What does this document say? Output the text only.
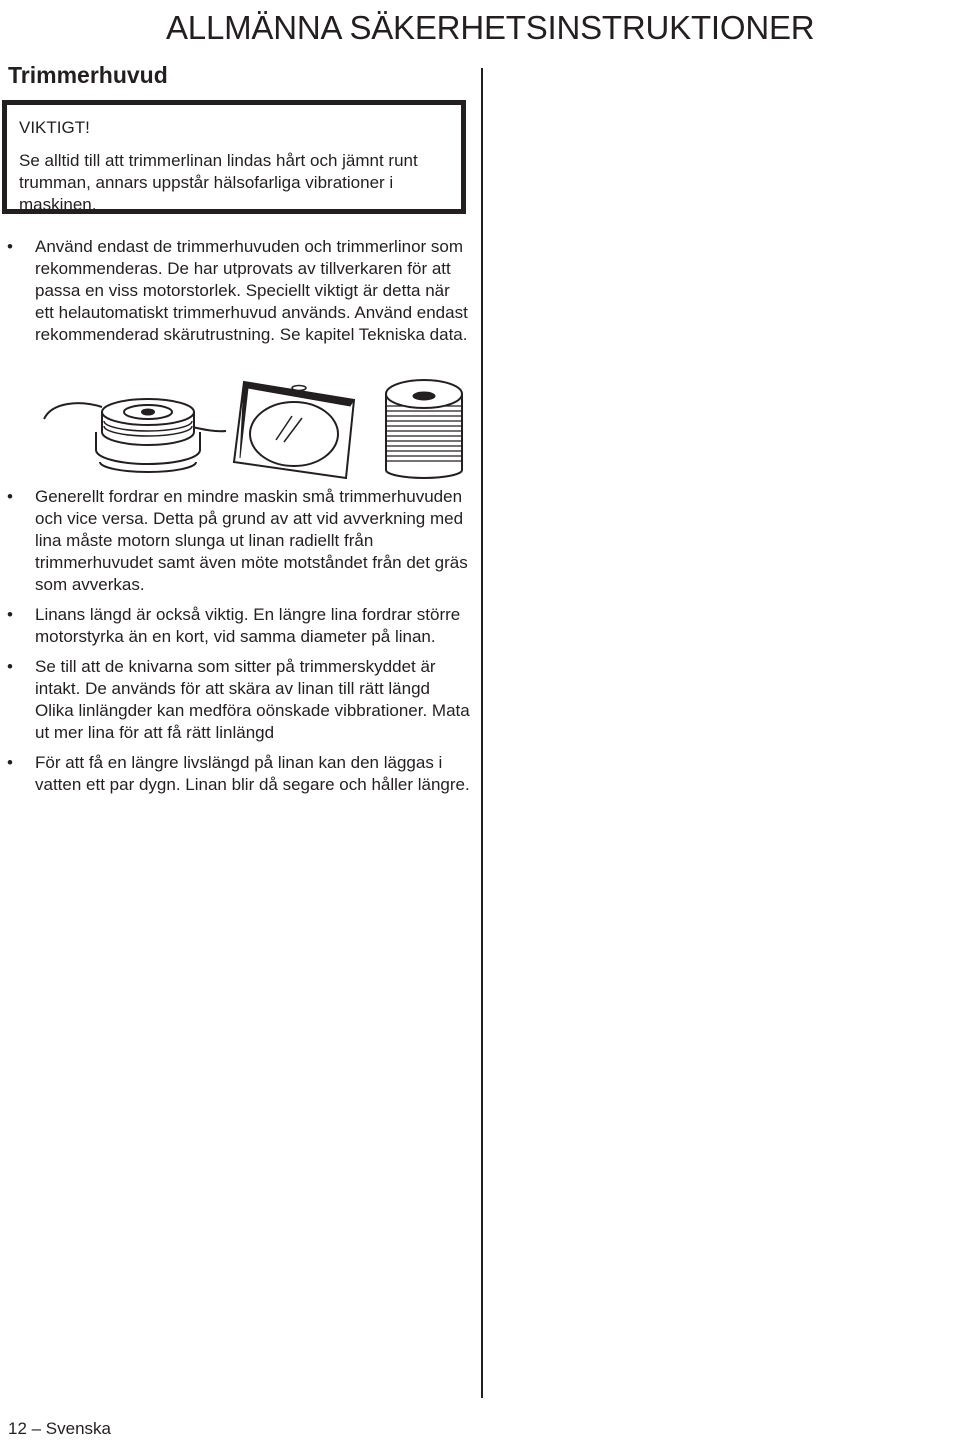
ALLMÄNNA SÄKERHETSINSTRUKTIONER
Trimmerhuvud
VIKTIGT!
Se alltid till att trimmerlinan lindas hårt och jämnt runt trumman, annars uppstår hälsofarliga vibrationer i maskinen.
• Använd endast de trimmerhuvuden och trimmerlinor som rekommenderas. De har utprovats av tillverkaren för att passa en viss motorstorlek. Speciellt viktigt är detta när ett helautomatiskt trimmerhuvud används. Använd endast rekommenderad skärutrustning. Se kapitel Tekniska data.
• Generellt fordrar en mindre maskin små trimmerhuvuden och vice versa. Detta på grund av att vid avverkning med lina måste motorn slunga ut linan radiellt från trimmerhuvudet samt även möte motståndet från det gräs som avverkas.
• Linans längd är också viktig. En längre lina fordrar större motorstyrka än en kort, vid samma diameter på linan.
• Se till att de knivarna som sitter på trimmerskyddet är intakt. De används för att skära av linan till rätt längd Olika linlängder kan medföra oönskade vibbrationer. Mata ut mer lina för att få rätt linlängd
• För att få en längre livslängd på linan kan den läggas i vatten ett par dygn. Linan blir då segare och håller längre.
12 – Svenska
